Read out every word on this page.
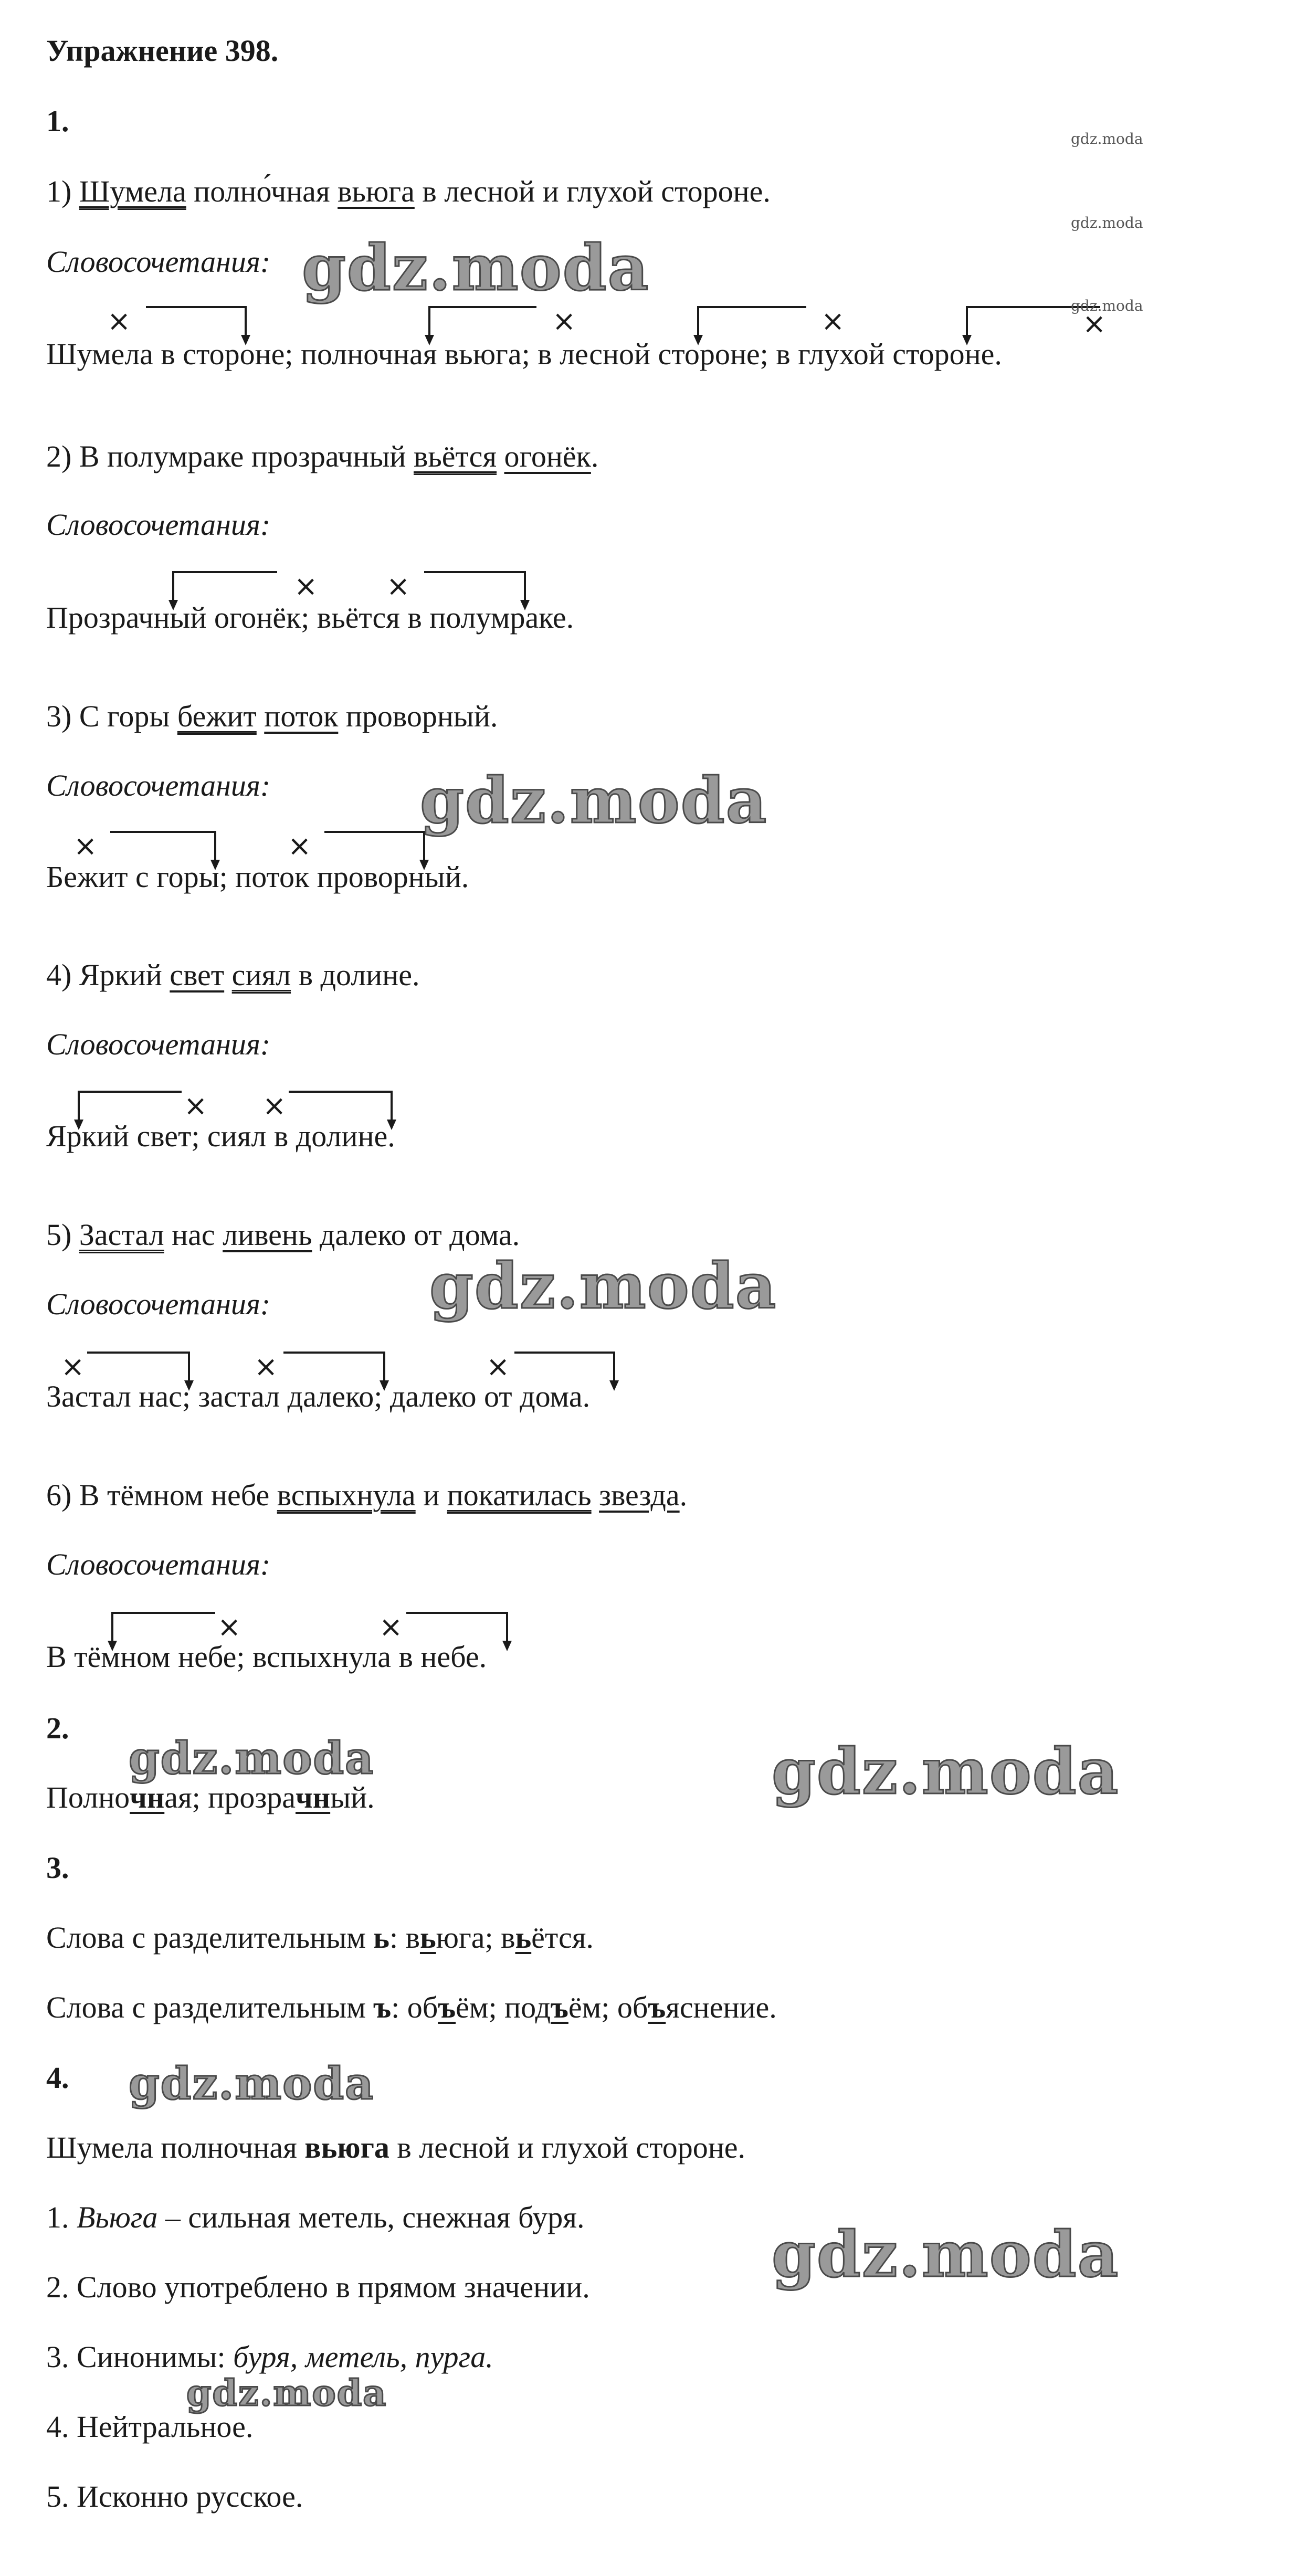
Упражнение 398.
1.
1) Шумела полно́чная вьюга в лесной и глухой стороне.
Словосочетания:
×	×	×	×
Шумела в стороне; полночная вьюга; в лесной стороне; в глухой стороне.
2) В полумраке прозрачный вьётся огонёк.
Словосочетания:
× ×
Прозрачный огонёк; вьётся в полумраке.
3) С горы бежит поток проворный.
Словосочетания:
×	×
Бежит с горы; поток проворный.
4) Яркий свет сиял в долине.
Словосочетания:
× ×
Яркий свет; сиял в долине.
5) Застал нас ливень далеко от дома.
Словосочетания:
×	×	×
Застал нас; застал далеко; далеко от дома.
6) В тёмном небе вспыхнула и покатилась звезда.
Словосочетания:
×	×
В тёмном небе; вспыхнула в небе.
2.
Полночная; прозрачный.
3.
Слова с разделительным ь: вьюга; вьётся.
Слова с разделительным ъ: объём; подъём; объяснение.
4.
Шумела полночная вьюга в лесной и глухой стороне.
1. Вьюга – сильная метель, снежная буря.
2. Слово употреблено в прямом значении.
3. Синонимы: буря, метель, пурга.
4. Нейтральное.
5. Исконно русское.
gdz.moda
gdz.moda
gdz.moda
gdz.moda
gdz.moda
gdz.moda
gdz.moda	gdz.moda
gdz.moda
gdz.moda
gdz.moda
